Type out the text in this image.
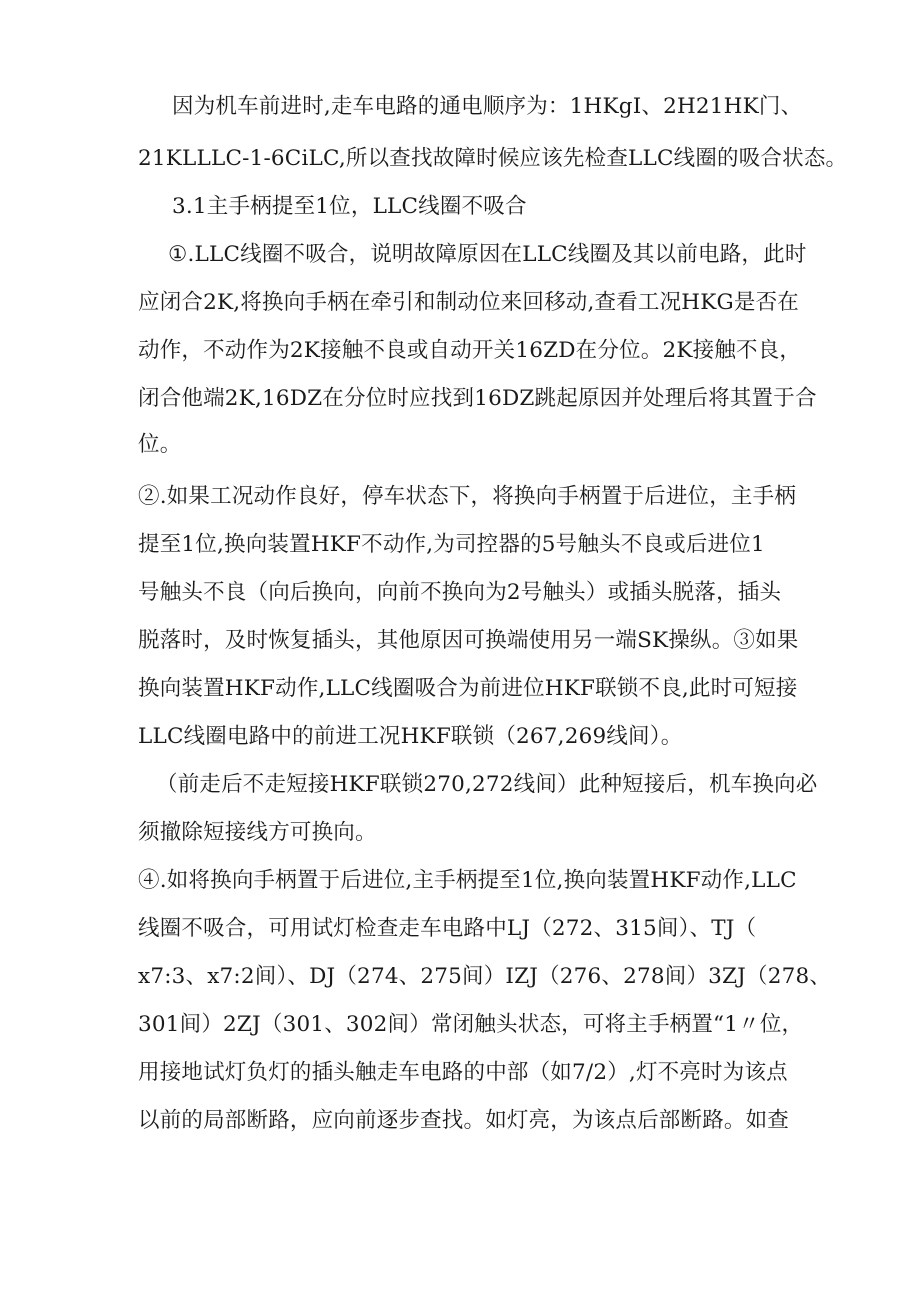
因为机车前进时,走车电路的通电顺序为：1HKgI、2H21HK门、
21KLLLC-1-6CiLC,所以查找故障时候应该先检查LLC线圈的吸合状态。
3.1主手柄提至1位，LLC线圈不吸合
①.LLC线圈不吸合，说明故障原因在LLC线圈及其以前电路，此时
应闭合2K,将换向手柄在牵引和制动位来回移动,查看工况HKG是否在
动作，不动作为2K接触不良或自动开关16ZD在分位。2K接触不良，
闭合他端2K,16DZ在分位时应找到16DZ跳起原因并处理后将其置于合
位。
②.如果工况动作良好，停车状态下，将换向手柄置于后进位，主手柄
提至1位,换向装置HKF不动作,为司控器的5号触头不良或后进位1
号触头不良（向后换向，向前不换向为2号触头）或插头脱落，插头
脱落时，及时恢复插头，其他原因可换端使用另一端SK操纵。③如果
换向装置HKF动作,LLC线圈吸合为前进位HKF联锁不良,此时可短接
LLC线圈电路中的前进工况HKF联锁（267,269线间）。
（前走后不走短接HKF联锁270,272线间）此种短接后，机车换向必
须撤除短接线方可换向。
④.如将换向手柄置于后进位,主手柄提至1位,换向装置HKF动作,LLC
线圈不吸合，可用试灯检查走车电路中LJ（272、315间）、TJ（
x7:3、x7:2间）、DJ（274、275间）IZJ（276、278间）3ZJ（278、
301间）2ZJ（301、302间）常闭触头状态，可将主手柄置“1〃位，
用接地试灯负灯的插头触走车电路的中部（如7/2）,灯不亮时为该点
以前的局部断路，应向前逐步查找。如灯亮，为该点后部断路。如查
